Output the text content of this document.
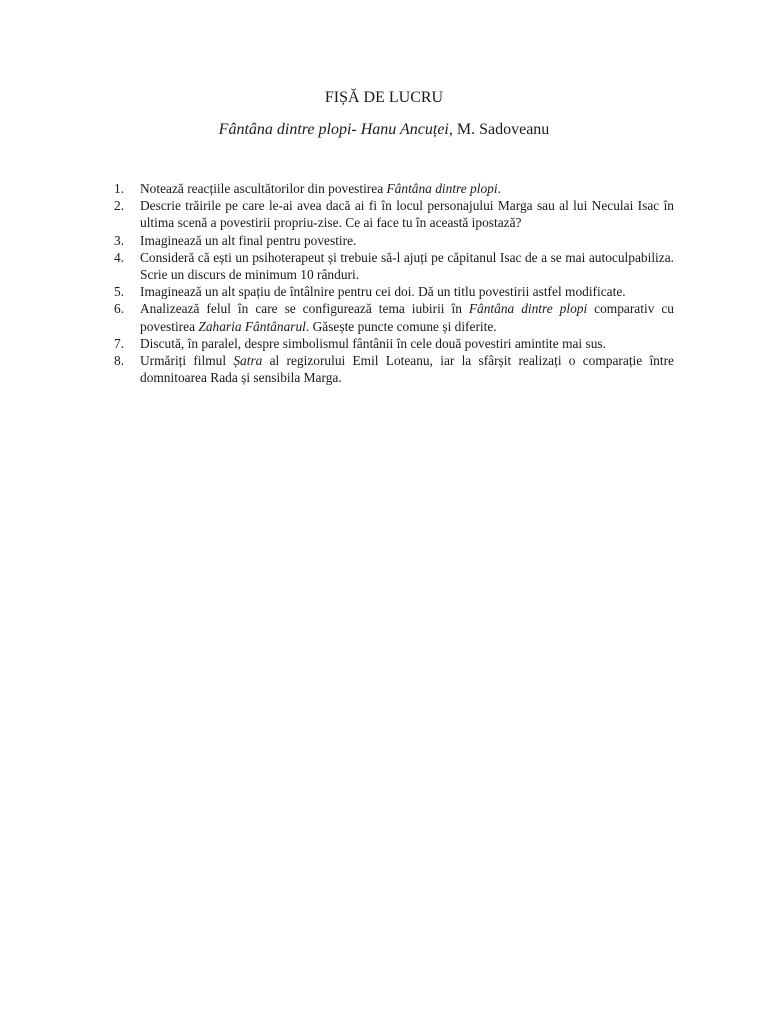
FIȘĂ DE LUCRU
Fântâna dintre plopi- Hanu Ancuței, M. Sadoveanu
1. Notează reacțiile ascultătorilor din povestirea Fântâna dintre plopi.
2. Descrie trăirile pe care le-ai avea dacă ai fi în locul personajului Marga sau al lui Neculai Isac în ultima scenă a povestirii propriu-zise. Ce ai face tu în această ipostază?
3. Imaginează un alt final pentru povestire.
4. Consideră că ești un psihoterapeut și trebuie să-l ajuți pe căpitanul Isac de a se mai autoculpabiliza. Scrie un discurs de minimum 10 rânduri.
5. Imaginează un alt spațiu de întâlnire pentru cei doi. Dă un titlu povestirii astfel modificate.
6. Analizează felul în care se configurează tema iubirii în Fântâna dintre plopi comparativ cu povestirea Zaharia Fântânarul. Găsește puncte comune și diferite.
7. Discută, în paralel, despre simbolismul fântânii în cele două povestiri amintite mai sus.
8. Urmăriți filmul Șatra al regizorului Emil Loteanu, iar la sfârșit realizați o comparație între domnitoarea Rada și sensibila Marga.
